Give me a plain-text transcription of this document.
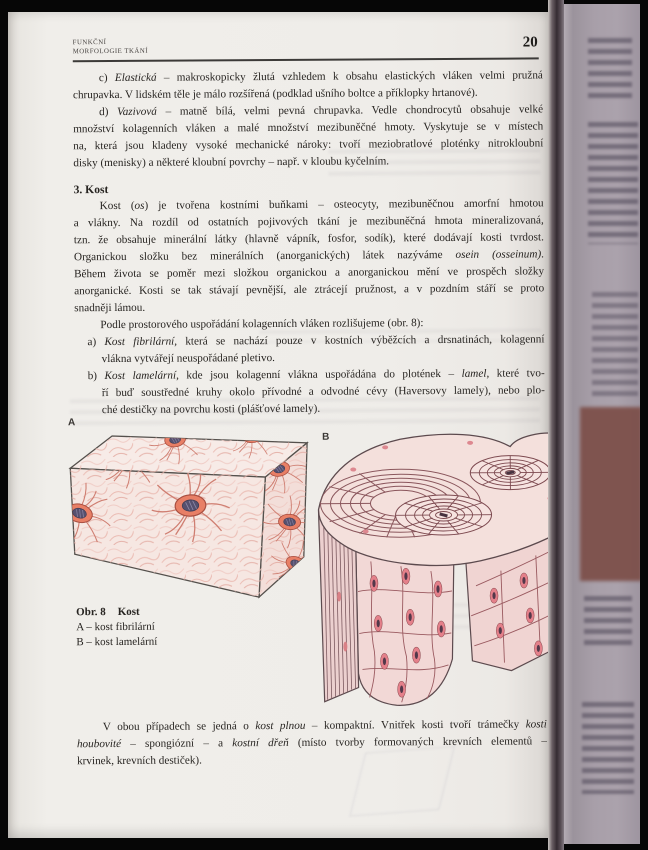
FUNKČNÍ
MORFOLOGIE TKÁNÍ
20
c) Elastická – makroskopicky žlutá vzhledem k obsahu elastických vláken velmi pružná
chrupavka. V lidském těle je málo rozšířená (podklad ušního boltce a příklopky hrtanové).
d) Vazivová – matně bílá, velmi pevná chrupavka. Vedle chondrocytů obsahuje velké
množství kolagenních vláken a malé množství mezibuněčné hmoty. Vyskytuje se v místech
na, která jsou kladeny vysoké mechanické nároky: tvoří meziobratlové ploténky nitrokloubní
disky (menisky) a některé kloubní povrchy – např. v kloubu kyčelním.
3. Kost
Kost (os) je tvořena kostními buňkami – osteocyty, mezibuněčnou amorfní hmotou
a vlákny. Na rozdíl od ostatních pojivových tkání je mezibuněčná hmota mineralizovaná,
tzn. že obsahuje minerální látky (hlavně vápník, fosfor, sodík), které dodávají kosti tvrdost.
Organickou složku bez minerálních (anorganických) látek nazýváme osein (osseinum).
Během života se poměr mezi složkou organickou a anorganickou mění ve prospěch složky
anorganické. Kosti se tak stávají pevnější, ale ztrácejí pružnost, a v pozdním stáří se proto
snadněji lámou.
Podle prostorového uspořádání kolagenních vláken rozlišujeme (obr. 8):
a) Kost fibrilární, která se nachází pouze v kostních výběžcích a drsnatinách, kolagenní
vlákna vytvářejí neuspořádané pletivo.
b) Kost lamelární, kde jsou kolagenní vlákna uspořádána do plotének – lamel, které tvo-
ří buď soustředné kruhy okolo přívodné a odvodné cévy (Haversovy lamely), nebo plo-
ché destičky na povrchu kosti (plášťové lamely).
A
B
Obr. 8 Kost
A – kost fibrilární
B – kost lamelární
V obou případech se jedná o kost plnou – kompaktní. Vnitřek kosti tvoří trámečky kosti
houbovité – spongiózní – a kostní dřeň (místo tvorby formovaných krevních elementů –
krvinek, krevních destiček).
